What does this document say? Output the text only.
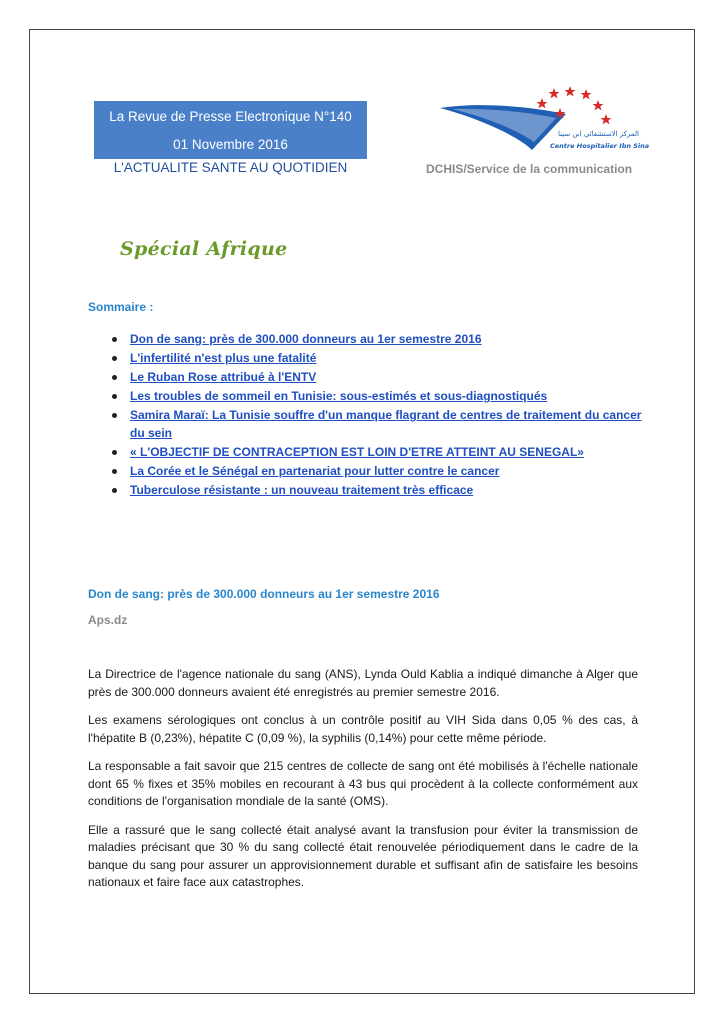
La Revue de Presse Electronique N°140
01 Novembre 2016
L'ACTUALITE SANTE AU QUOTIDIEN
المركز الاستشفائي ابن سينا
Centre Hospitalier Ibn Sina
DCHIS/Service de la communication
Spécial Afrique
Sommaire :
Don de sang: près de 300.000 donneurs au 1er semestre 2016
L'infertilité n'est plus une fatalité
Le Ruban Rose attribué à l'ENTV
Les troubles de sommeil en Tunisie: sous-estimés et sous-diagnostiqués
Samira Maraï: La Tunisie souffre d'un manque flagrant de centres de traitement du cancer du sein
« L'OBJECTIF DE CONTRACEPTION EST LOIN D'ETRE ATTEINT AU SENEGAL»
La Corée et le Sénégal en partenariat pour lutter contre le cancer
Tuberculose résistante : un nouveau traitement très efficace
Don de sang: près de 300.000 donneurs au 1er semestre 2016
Aps.dz

La Directrice de l'agence nationale du sang (ANS), Lynda Ould Kablia a indiqué dimanche à Alger que près de 300.000 donneurs avaient été enregistrés au premier semestre 2016.

Les examens sérologiques ont conclus à un contrôle positif au VIH Sida dans 0,05 % des cas, à l'hépatite B (0,23%), hépatite C (0,09 %), la syphilis (0,14%) pour cette même période.

La responsable a fait savoir que 215 centres de collecte de sang ont été mobilisés à l'échelle nationale dont 65 % fixes et 35% mobiles en recourant à 43 bus qui procèdent à la collecte conformément aux conditions de l'organisation mondiale de la santé (OMS).

Elle a rassuré que le sang collecté était analysé avant la transfusion pour éviter la transmission de maladies précisant que 30 % du sang collecté était renouvelée périodiquement dans le cadre de la banque du sang pour assurer un approvisionnement durable et suffisant afin de satisfaire les besoins nationaux et faire face aux catastrophes.
